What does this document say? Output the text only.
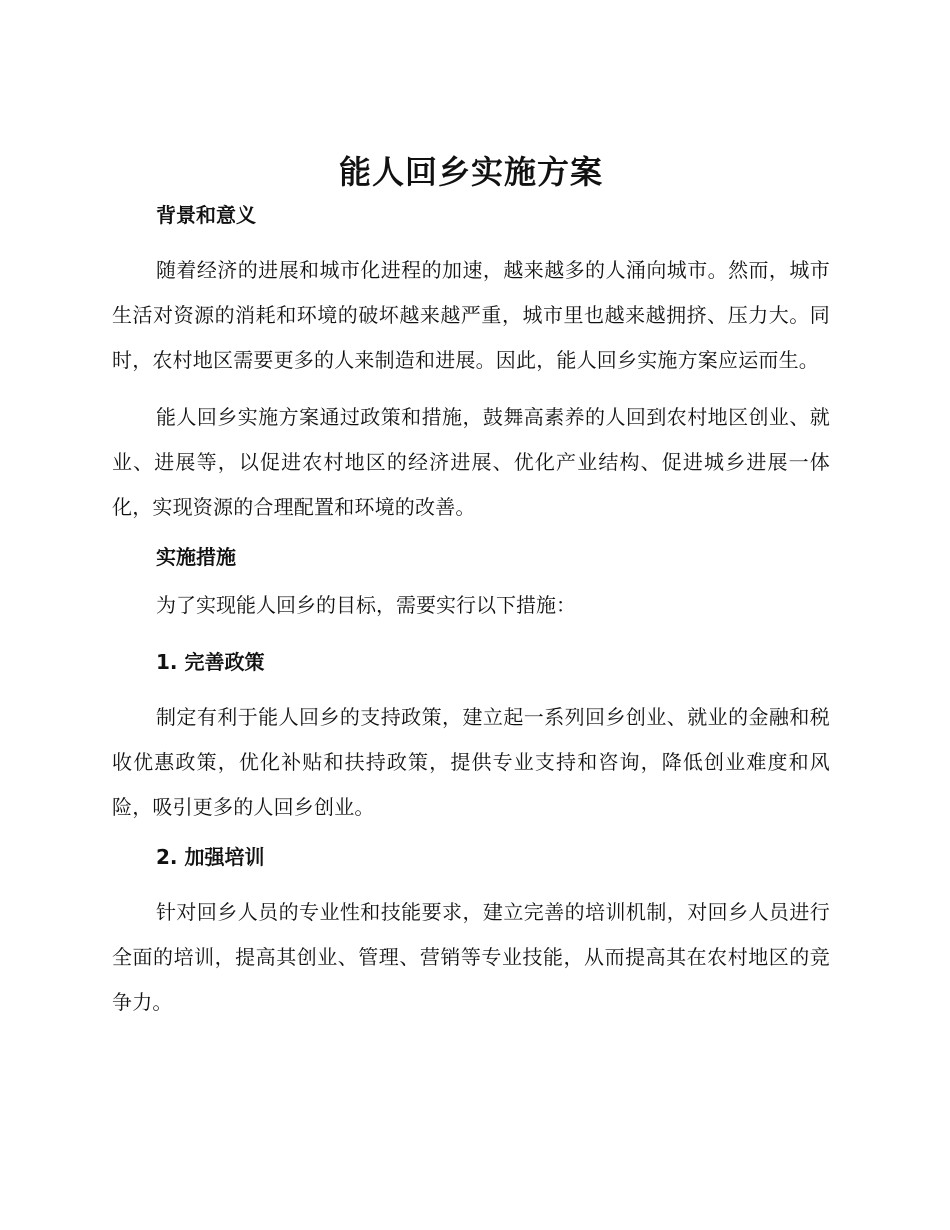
能人回乡实施方案
背景和意义

随着经济的进展和城市化进程的加速，越来越多的人涌向城市。然而，城市生活对资源的消耗和环境的破坏越来越严重，城市里也越来越拥挤、压力大。同时，农村地区需要更多的人来制造和进展。因此，能人回乡实施方案应运而生。

能人回乡实施方案通过政策和措施，鼓舞高素养的人回到农村地区创业、就业、进展等，以促进农村地区的经济进展、优化产业结构、促进城乡进展一体化，实现资源的合理配置和环境的改善。

实施措施
为了实现能人回乡的目标，需要实行以下措施：
1. 完善政策

制定有利于能人回乡的支持政策，建立起一系列回乡创业、就业的金融和税收优惠政策，优化补贴和扶持政策，提供专业支持和咨询，降低创业难度和风险，吸引更多的人回乡创业。

2. 加强培训

针对回乡人员的专业性和技能要求，建立完善的培训机制，对回乡人员进行全面的培训，提高其创业、管理、营销等专业技能，从而提高其在农村地区的竞争力。
